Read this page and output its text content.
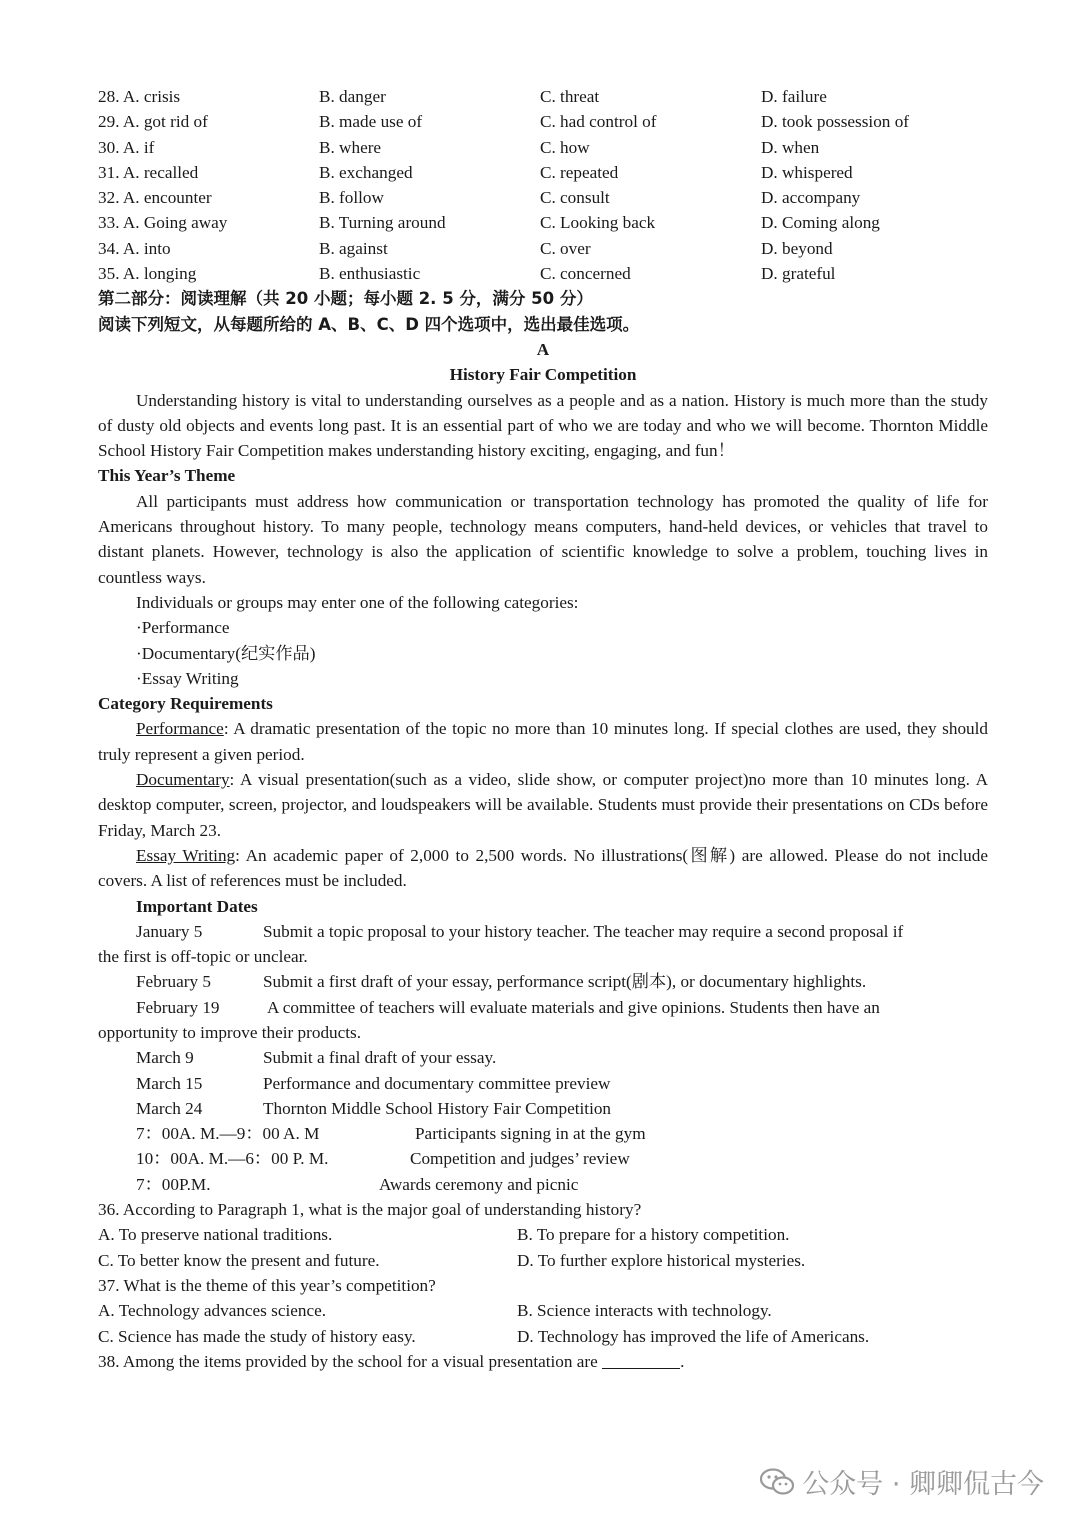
28. A. crisis	B. danger	C. threat	D. failure
29. A. got rid of	B. made use of	C. had control of	D. took possession of
30. A. if	B. where	C. how	D. when
31. A. recalled	B. exchanged	C. repeated	D. whispered
32. A. encounter	B. follow	C. consult	D. accompany
33. A. Going away	B. Turning around	C. Looking back	D. Coming along
34. A. into	B. against	C. over	D. beyond
35. A. longing	B. enthusiastic	C. concerned	D. grateful
第二部分：阅读理解（共 20 小题；每小题 2. 5 分，满分 50 分）
阅读下列短文，从每题所给的 A、B、C、D 四个选项中，选出最佳选项。
A
History Fair Competition
Understanding history is vital to understanding ourselves as a people and as a nation. History is much more than the study of dusty old objects and events long past. It is an essential part of who we are today and who we will become. Thornton Middle School History Fair Competition makes understanding history exciting, engaging, and fun！
This Year’s Theme
All participants must address how communication or transportation technology has promoted the quality of life for Americans throughout history. To many people, technology means computers, hand-held devices, or vehicles that travel to distant planets. However, technology is also the application of scientific knowledge to solve a problem, touching lives in countless ways.
Individuals or groups may enter one of the following categories:
·Performance
·Documentary(纪实作品)
·Essay Writing
Category Requirements
Performance: A dramatic presentation of the topic no more than 10 minutes long. If special clothes are used, they should truly represent a given period.
Documentary: A visual presentation(such as a video, slide show, or computer project)no more than 10 minutes long. A desktop computer, screen, projector, and loudspeakers will be available. Students must provide their presentations on CDs before Friday, March 23.
Essay Writing: An academic paper of 2,000 to 2,500 words. No illustrations(图解) are allowed. Please do not include covers. A list of references must be included.
Important Dates
January 5	Submit a topic proposal to your history teacher. The teacher may require a second proposal if
the first is off-topic or unclear.
February 5	Submit a first draft of your essay, performance script(剧本), or documentary highlights.
February 19	A committee of teachers will evaluate materials and give opinions. Students then have an
opportunity to improve their products.
March 9	Submit a final draft of your essay.
March 15	Performance and documentary committee preview
March 24	Thornton Middle School History Fair Competition
7：00A. M.—9：00 A. M	Participants signing in at the gym
10：00A. M.—6：00 P. M.	Competition and judges’ review
7：00P.M.	Awards ceremony and picnic
36. According to Paragraph 1, what is the major goal of understanding history?
A. To preserve national traditions.	B. To prepare for a history competition.
C. To better know the present and future.	D. To further explore historical mysteries.
37. What is the theme of this year’s competition?
A. Technology advances science.	B. Science interacts with technology.
C. Science has made the study of history easy.	D. Technology has improved the life of Americans.
38. Among the items provided by the school for a visual presentation are	.
公众号 · 卿卿侃古今
